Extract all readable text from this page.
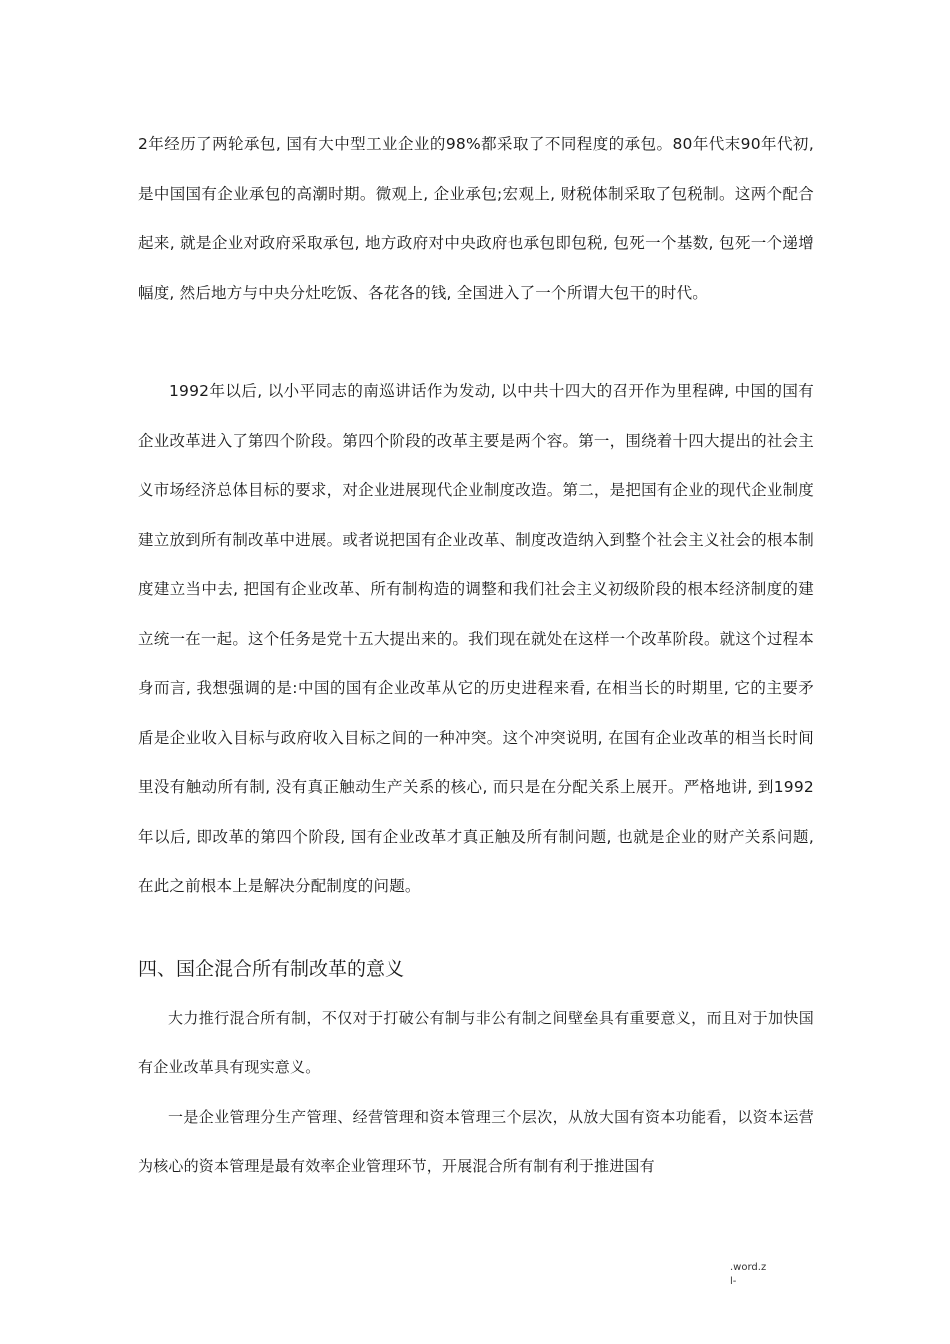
2年经历了两轮承包, 国有大中型工业企业的98%都采取了不同程度的承包。80年代末90年代初, 是中国国有企业承包的高潮时期。微观上, 企业承包;宏观上, 财税体制采取了包税制。这两个配合起来, 就是企业对政府采取承包, 地方政府对中央政府也承包即包税, 包死一个基数, 包死一个递增幅度, 然后地方与中央分灶吃饭、各花各的钱, 全国进入了一个所谓大包干的时代。

1992年以后, 以小平同志的南巡讲话作为发动, 以中共十四大的召开作为里程碑, 中国的国有企业改革进入了第四个阶段。第四个阶段的改革主要是两个容。第一，围绕着十四大提出的社会主义市场经济总体目标的要求，对企业进展现代企业制度改造。第二，是把国有企业的现代企业制度建立放到所有制改革中进展。或者说把国有企业改革、制度改造纳入到整个社会主义社会的根本制度建立当中去, 把国有企业改革、所有制构造的调整和我们社会主义初级阶段的根本经济制度的建立统一在一起。这个任务是党十五大提出来的。我们现在就处在这样一个改革阶段。就这个过程本身而言, 我想强调的是:中国的国有企业改革从它的历史进程来看, 在相当长的时期里, 它的主要矛盾是企业收入目标与政府收入目标之间的一种冲突。这个冲突说明, 在国有企业改革的相当长时间里没有触动所有制, 没有真正触动生产关系的核心, 而只是在分配关系上展开。严格地讲, 到1992年以后, 即改革的第四个阶段, 国有企业改革才真正触及所有制问题, 也就是企业的财产关系问题, 在此之前根本上是解决分配制度的问题。

四、国企混合所有制改革的意义

大力推行混合所有制，不仅对于打破公有制与非公有制之间壁垒具有重要意义，而且对于加快国有企业改革具有现实意义。

一是企业管理分生产管理、经营管理和资本管理三个层次，从放大国有资本功能看，以资本运营为核心的资本管理是最有效率企业管理环节，开展混合所有制有利于推进国有

.word.z
l-
